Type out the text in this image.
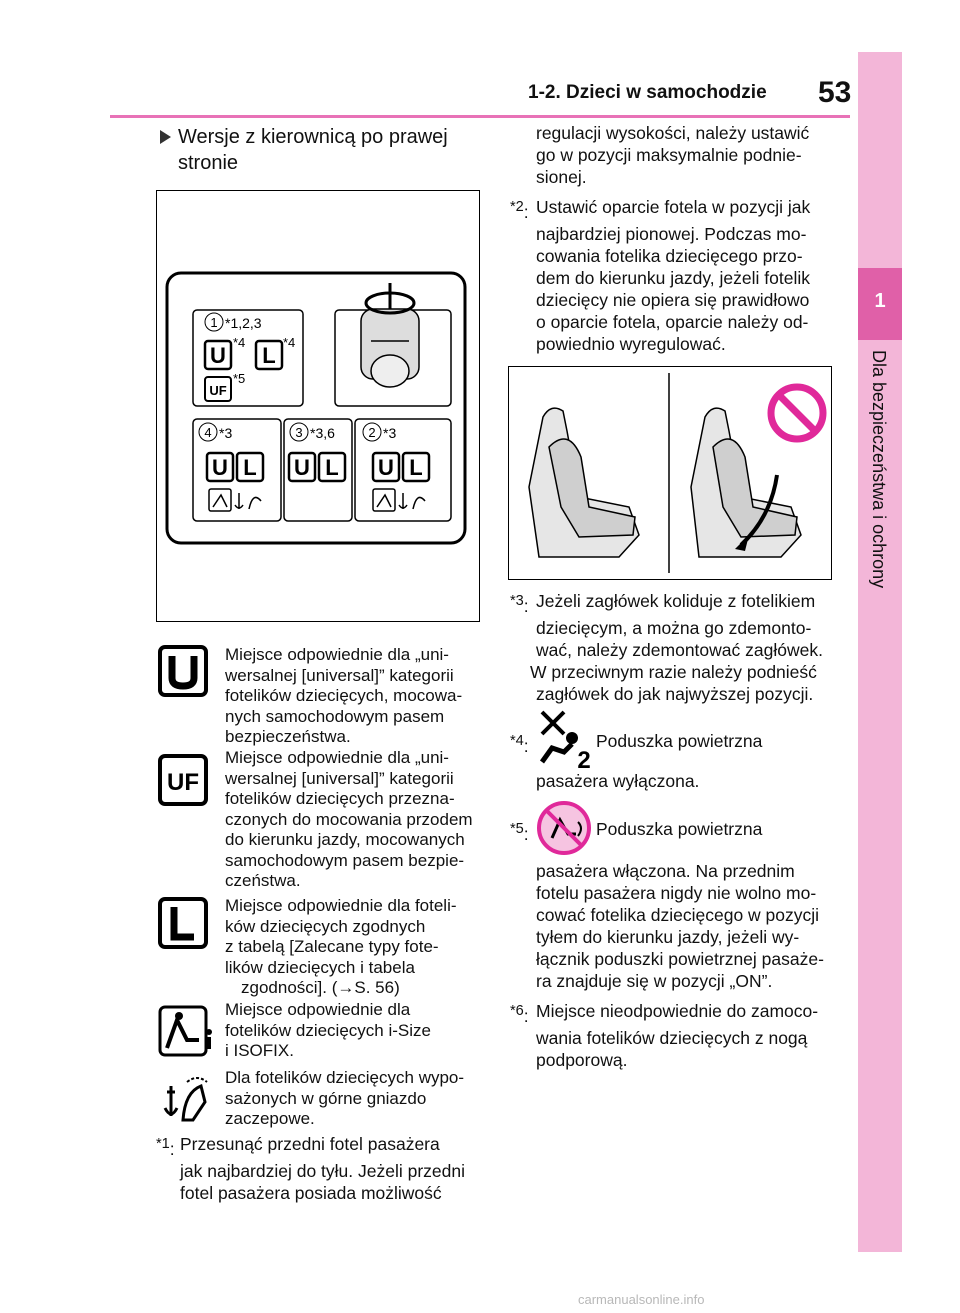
1-2. Dzieci w samochodzie 53
1
Dla bezpieczeństwa i ochrony
Wersje z kierownicą po prawej
stronie
1
4	3	2
*1,2,3
*4	*4
*5
*3	*3,6	*3
U L
UF
U L U L U L
UF
Miejsce odpowiednie dla „uni-
wersalnej [universal]” kategorii
fotelików dziecięcych, mocowa-
nych samochodowym pasem
bezpieczeństwa.
Miejsce odpowiednie dla „uni-
wersalnej [universal]” kategorii
fotelików dziecięcych przezna-
czonych do mocowania przodem
do kierunku jazdy, mocowanych
samochodowym pasem bezpie-
czeństwa.
Miejsce odpowiednie dla foteli-
ków dziecięcych zgodnych
z tabelą [Zalecane typy fote-
lików dziecięcych i tabela
zgodności]. (→S. 56)
Miejsce odpowiednie dla
fotelików dziecięcych i-Size
i ISOFIX.
Dla fotelików dziecięcych wypo-
sażonych w górne gniazdo
zaczepowe.
$^{*1}$: Przesunąć przedni fotel pasażera
jak najbardziej do tyłu. Jeżeli przedni
fotel pasażera posiada możliwość
regulacji wysokości, należy ustawić
go w pozycji maksymalnie podnie-
sionej.
$^{*2}$: Ustawić oparcie fotela w pozycji jak
najbardziej pionowej. Podczas mo-
cowania fotelika dziecięcego przo-
dem do kierunku jazdy, jeżeli fotelik
dziecięcy nie opiera się prawidłowo
o oparcie fotela, oparcie należy od-
powiednio wyregulować.
$^{*3}$: Jeżeli zagłówek koliduje z fotelikiem
dziecięcym, a można go zdemonto-
wać, należy zdemontować zagłówek.
W przeciwnym razie należy podnieść
zagłówek do jak najwyższej pozycji.
$^{*4}$:
2
Poduszka powietrzna
pasażera wyłączona.
$^{*5}$:	Poduszka powietrzna
pasażera włączona. Na przednim
fotelu pasażera nigdy nie wolno mo-
cować fotelika dziecięcego w pozycji
tyłem do kierunku jazdy, jeżeli wy-
łącznik poduszki powietrznej pasaże-
ra znajduje się w pozycji „ON”.
$^{*6}$: Miejsce nieodpowiednie do zamoco-
wania fotelików dziecięcych z nogą
podporową.
carmanualsonline.info
